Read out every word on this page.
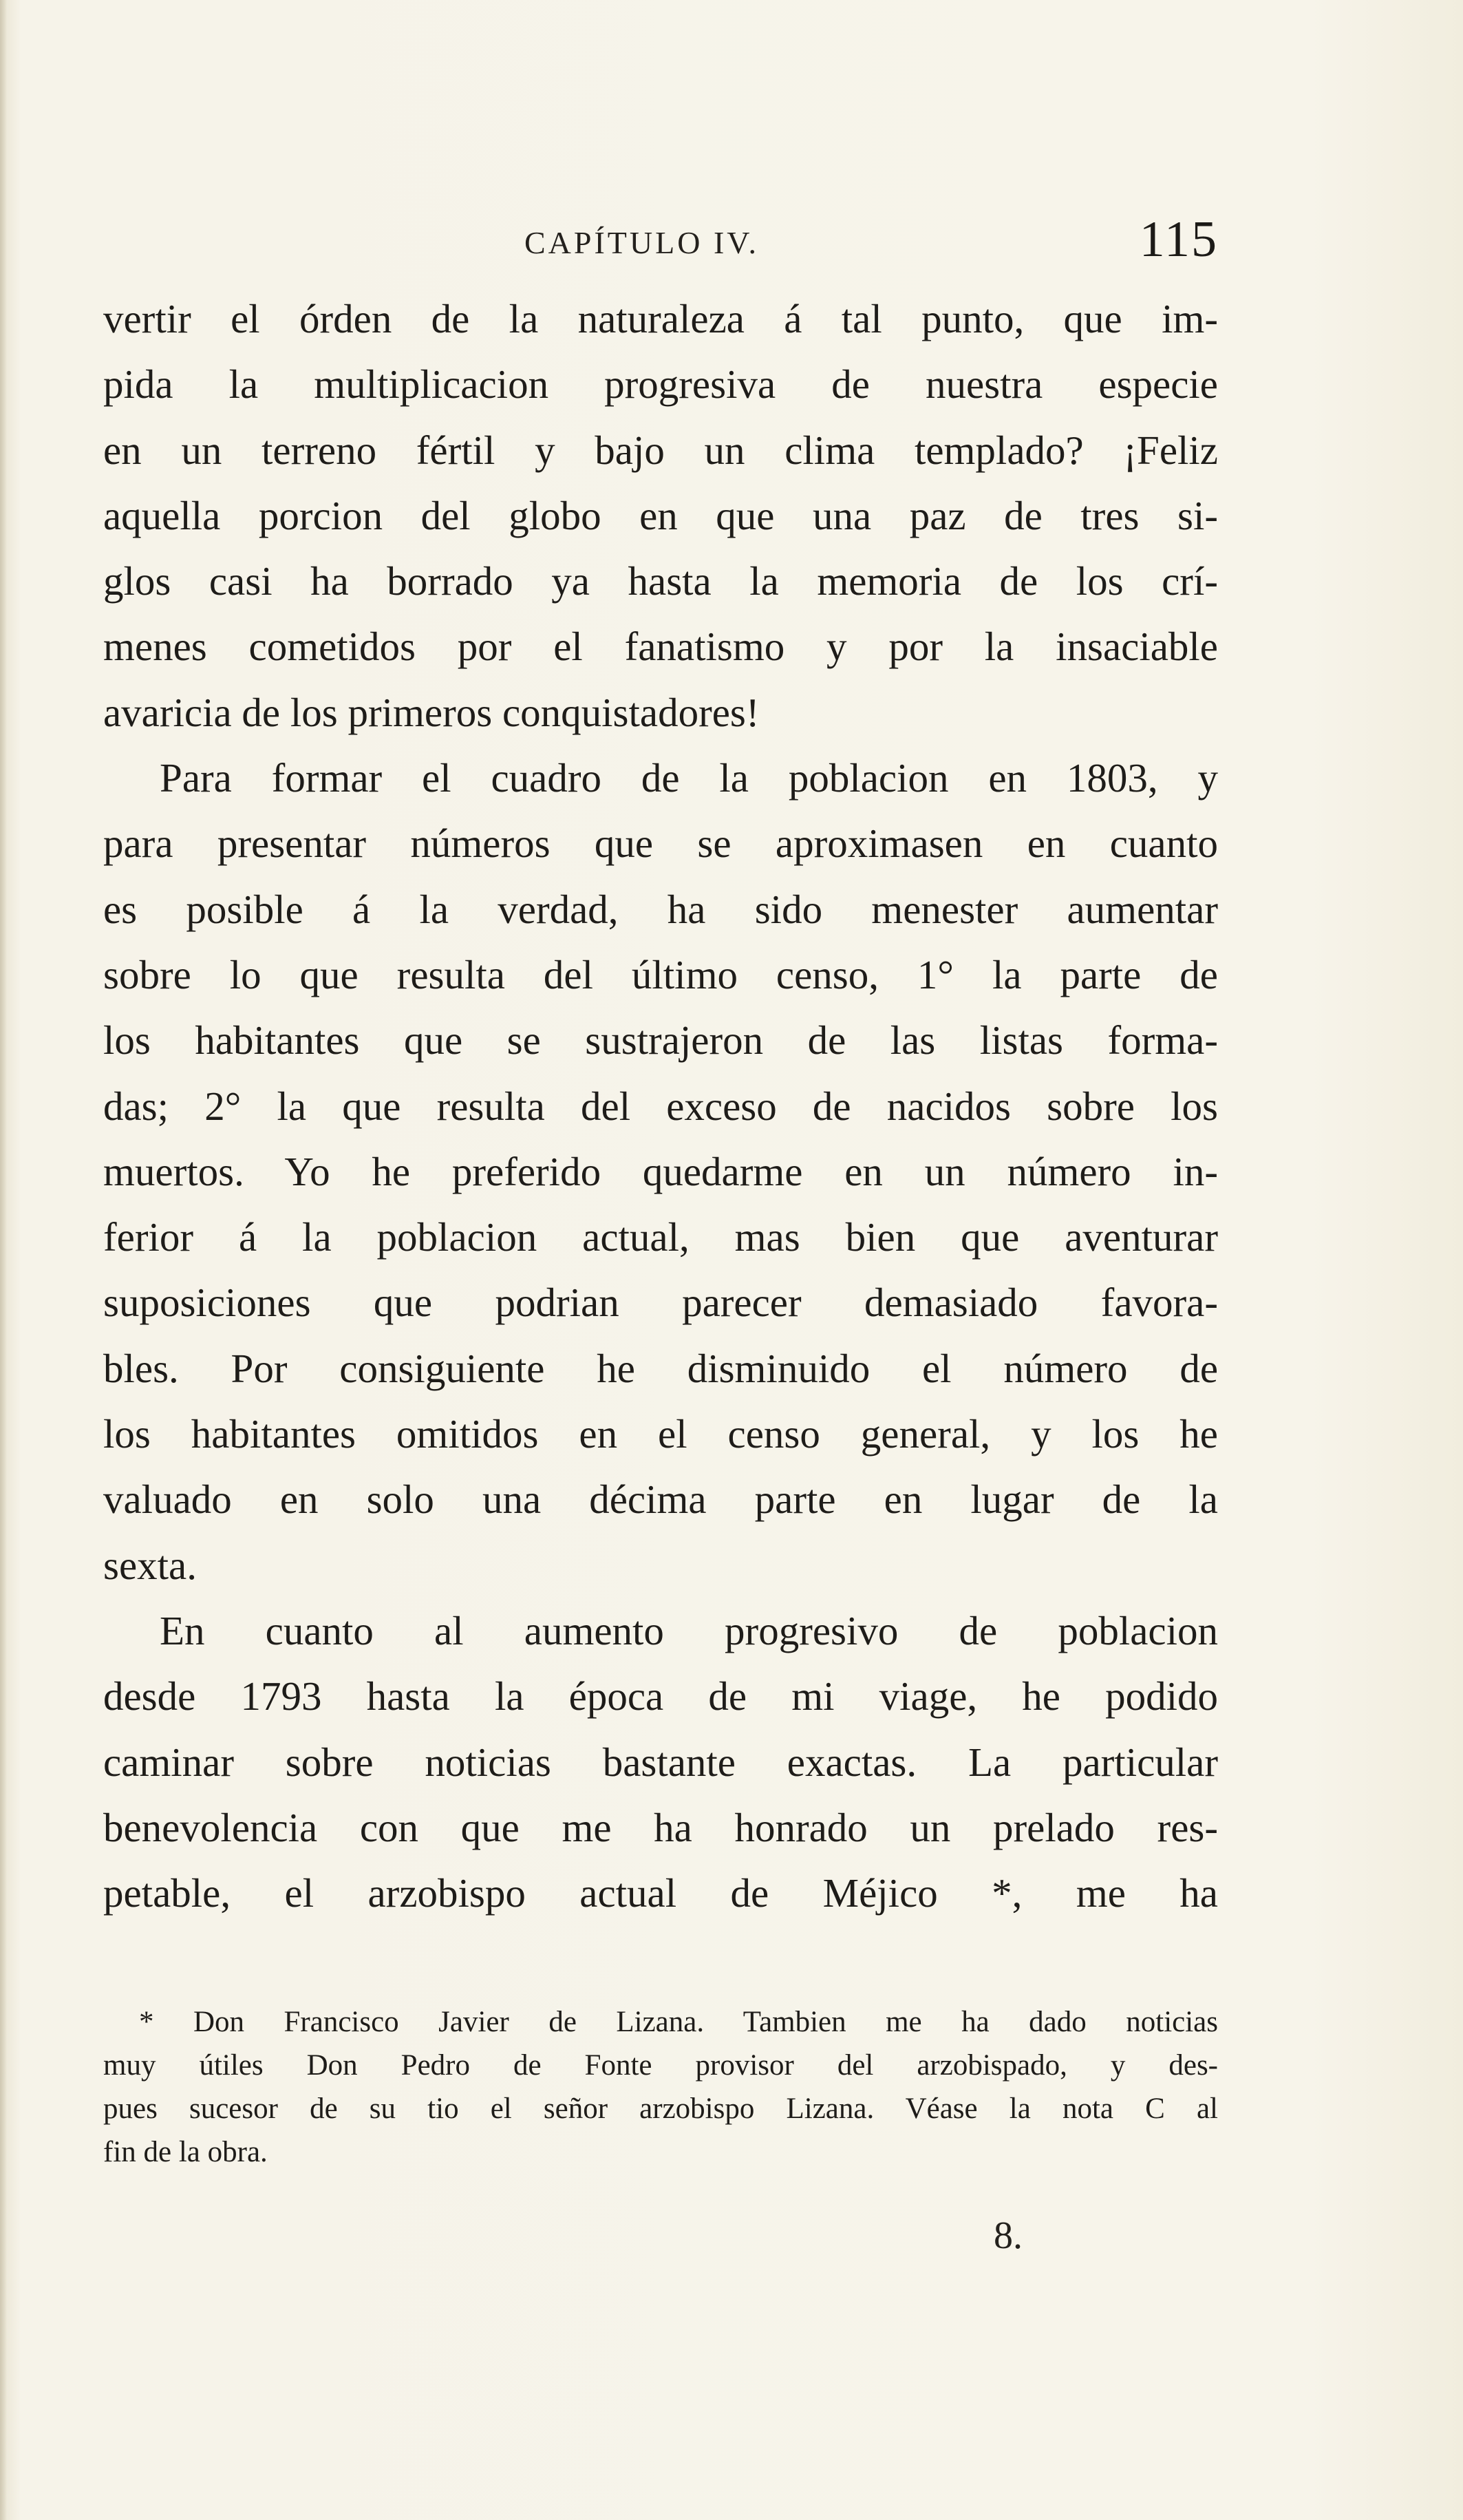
CAPÍTULO IV.	115

vertir el órden de la naturaleza á tal punto, que im-
pida la multiplicacion progresiva de nuestra especie
en un terreno fértil y bajo un clima templado? ¡Feliz
aquella porcion del globo en que una paz de tres si-
glos casi ha borrado ya hasta la memoria de los crí-
menes cometidos por el fanatismo y por la insaciable
avaricia de los primeros conquistadores!

Para formar el cuadro de la poblacion en 1803, y
para presentar números que se aproximasen en cuanto
es posible á la verdad, ha sido menester aumentar
sobre lo que resulta del último censo, 1° la parte de
los habitantes que se sustrajeron de las listas forma-
das; 2° la que resulta del exceso de nacidos sobre los
muertos. Yo he preferido quedarme en un número in-
ferior á la poblacion actual, mas bien que aventurar
suposiciones que podrian parecer demasiado favora-
bles. Por consiguiente he disminuido el número de
los habitantes omitidos en el censo general, y los he
valuado en solo una décima parte en lugar de la
sexta.

En cuanto al aumento progresivo de poblacion
desde 1793 hasta la época de mi viage, he podido
caminar sobre noticias bastante exactas. La particular
benevolencia con que me ha honrado un prelado res-
petable, el arzobispo actual de Méjico *, me ha

* Don Francisco Javier de Lizana. Tambien me ha dado noticias
muy útiles Don Pedro de Fonte provisor del arzobispado, y des-
pues sucesor de su tio el señor arzobispo Lizana. Véase la nota C al
fin de la obra.
8.
